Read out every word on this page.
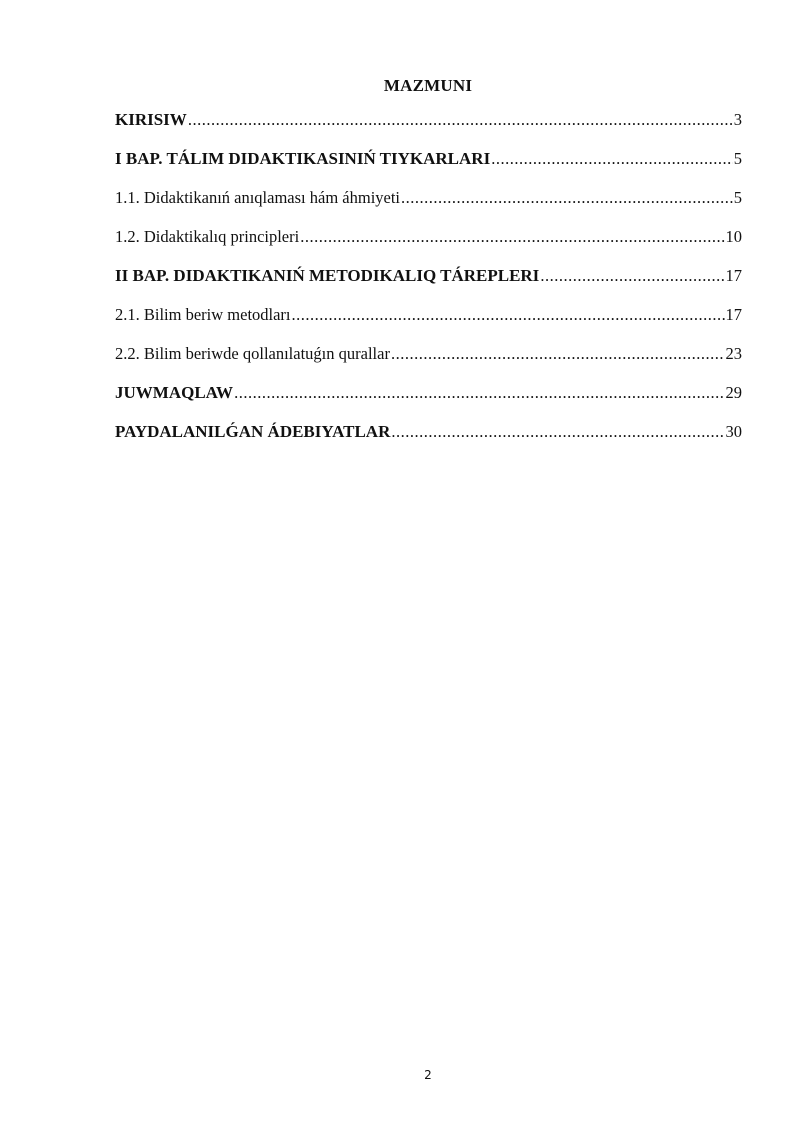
MAZMUNI
KIRISIW .....	3
I BAP. TÁLIM DIDAKTIKASINIŃ TIYKARLARI .....	5
1.1. Didaktikanıń anıqlaması hám áhmiyeti .....	5
1.2. Didaktikalıq principleri .....	10
II BAP. DIDAKTIKANIŃ METODIKALIQ TÁREPLERI .....	17
2.1. Bilim beriw metodları .....	17
2.2. Bilim beriwde qollanılatuǵın qurallar .....	23
JUWMAQLAW .....	29
PAYDALANILǴAN ÁDEBIYATLAR .....	30
2
